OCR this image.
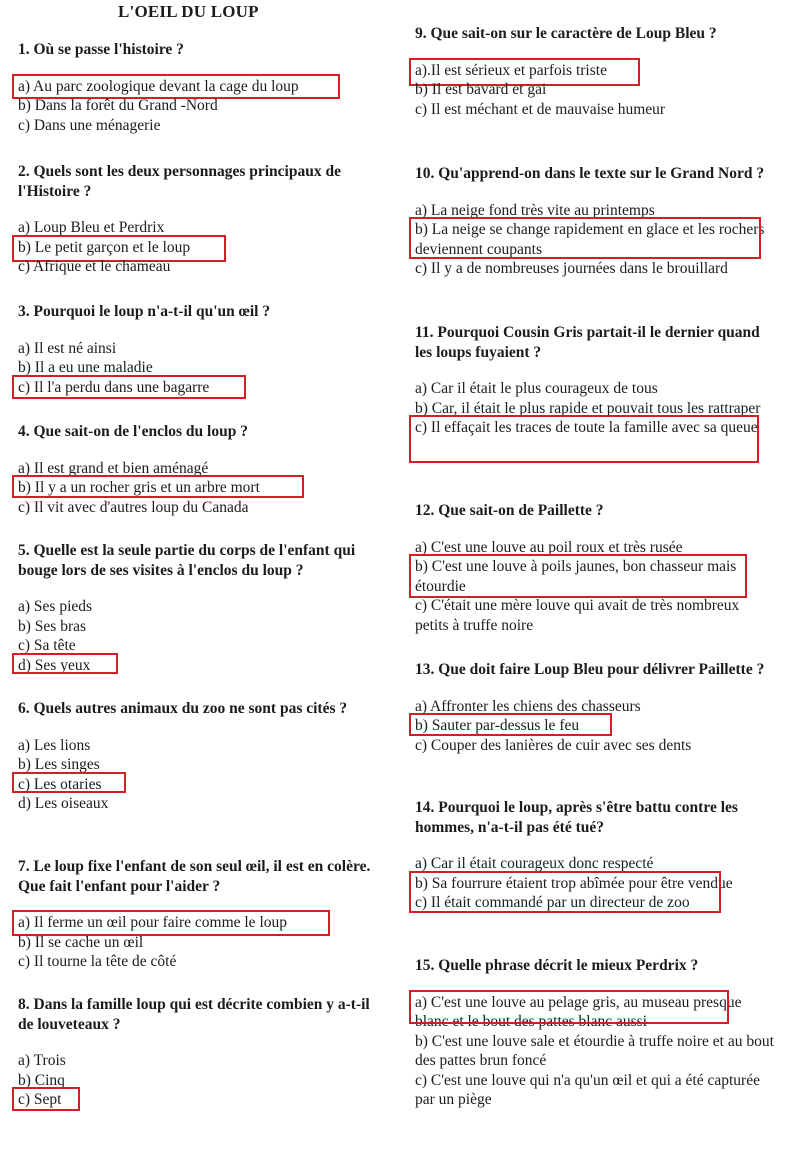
L'OEIL DU LOUP
1. Où se passe l'histoire ?
a) Au parc zoologique devant la cage du loup
b) Dans la forêt du Grand -Nord
c) Dans une ménagerie
2. Quels sont les deux personnages principaux de l'Histoire ?
a) Loup Bleu et Perdrix
b) Le petit garçon et le loup
c) Afrique et le chameau
3. Pourquoi le loup n'a-t-il qu'un œil ?
a) Il est né ainsi
b) Il a eu une maladie
c) Il l'a perdu dans une bagarre
4. Que sait-on de l'enclos du loup ?
a) Il est grand et bien aménagé
b) Il y a un rocher gris et un arbre mort
c) Il vit avec d'autres loup du Canada
5. Quelle est la seule partie du corps de l'enfant qui bouge lors de ses visites à l'enclos du loup ?
a) Ses pieds
b) Ses bras
c) Sa tête
d) Ses yeux
6. Quels autres animaux du zoo ne sont pas cités ?
a) Les lions
b) Les singes
c) Les otaries
d) Les oiseaux
7. Le loup fixe l'enfant de son seul œil, il est en colère. Que fait l'enfant pour l'aider ?
a) Il ferme un œil pour faire comme le loup
b) Il se cache un œil
c) Il tourne la tête de côté
8. Dans la famille loup qui est décrite combien y a-t-il de louveteaux ?
a) Trois
b) Cinq
c) Sept
9. Que sait-on sur le caractère de Loup Bleu ?
a).Il est sérieux et parfois triste
b) Il est bavard et gai
c) Il est méchant et de mauvaise humeur
10. Qu'apprend-on dans le texte sur le Grand Nord ?
a) La neige fond très vite au printemps
b) La neige se change rapidement en glace et les rochers deviennent coupants
c) Il y a de nombreuses journées dans le brouillard
11. Pourquoi Cousin Gris partait-il le dernier quand les loups fuyaient ?
a) Car il était le plus courageux de tous
b) Car, il était le plus rapide et pouvait tous les rattraper
c) Il effaçait les traces de toute la famille avec sa queue
12. Que sait-on de Paillette ?
a) C'est une louve au poil roux et très rusée
b) C'est une louve à poils jaunes, bon chasseur mais étourdie
c) C'était une mère louve qui avait de très nombreux petits à truffe noire
13. Que doit faire Loup Bleu pour délivrer Paillette ?
a) Affronter les chiens des chasseurs
b) Sauter par-dessus le feu
c) Couper des lanières de cuir avec ses dents
14. Pourquoi le loup, après s'être battu contre les hommes, n'a-t-il pas été tué?
a) Car il était courageux donc respecté
b) Sa fourrure étaient trop abîmée pour être vendue
c) Il était commandé par un directeur de zoo
15. Quelle phrase décrit le mieux Perdrix ?
a) C'est une louve au pelage gris, au museau presque blanc et le bout des pattes blanc aussi
b) C'est une louve sale et étourdie à truffe noire et au bout des pattes brun foncé
c) C'est une louve qui n'a qu'un œil et qui a été capturée par un piège
